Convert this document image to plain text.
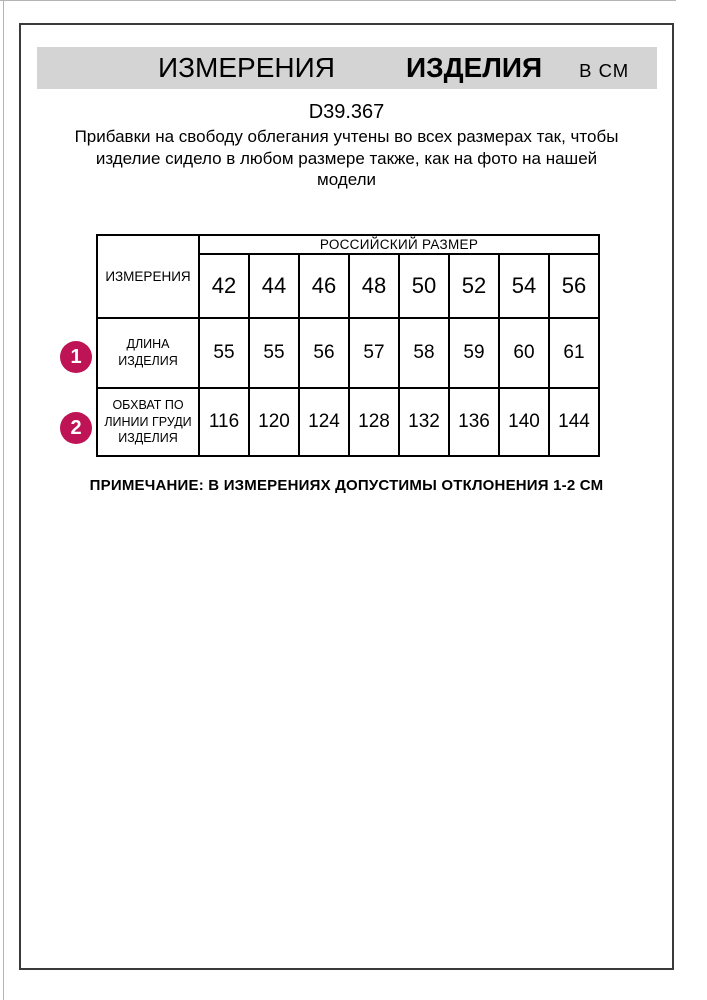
ИЗМЕРЕНИЯ	ИЗДЕЛИЯ В СМ
D39.367
Прибавки на свободу облегания учтены во всех размерах так, чтобы
изделие сидело в любом размере также, как на фото на нашей
модели
ИЗМЕРЕНИЯ	РОССИЙСКИЙ РАЗМЕР							
	42	44	46	48	50	52	54	56
ДЛИНА ИЗДЕЛИЯ	55	55	56	57	58	59	60	61
ОБХВАТ ПО ЛИНИИ ГРУДИ ИЗДЕЛИЯ	116	120	124	128	132	136	140	144
1
2
ПРИМЕЧАНИЕ: В ИЗМЕРЕНИЯХ ДОПУСТИМЫ ОТКЛОНЕНИЯ 1-2 СМ
